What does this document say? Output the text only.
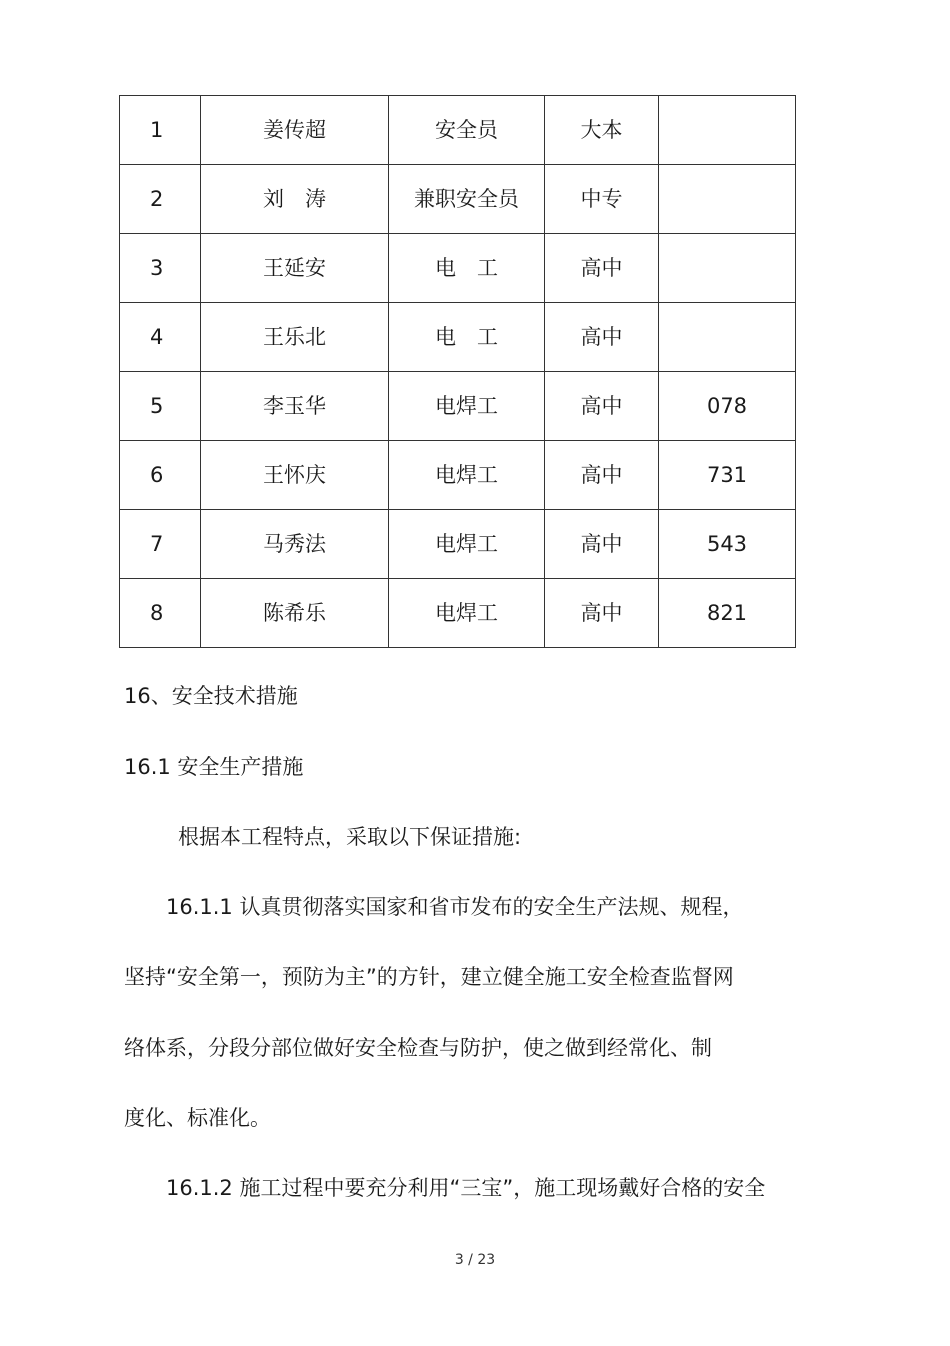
1	姜传超	安全员	大本	
2	刘　涛	兼职安全员	中专	
3	王延安	电　工	高中	
4	王乐北	电　工	高中	
5	李玉华	电焊工	高中	078
6	王怀庆	电焊工	高中	731
7	马秀法	电焊工	高中	543
8	陈希乐	电焊工	高中	821

16、安全技术措施

16.1 安全生产措施

根据本工程特点，采取以下保证措施:

16.1.1 认真贯彻落实国家和省市发布的安全生产法规、规程，

坚持“安全第一，预防为主”的方针，建立健全施工安全检查监督网

络体系，分段分部位做好安全检查与防护，使之做到经常化、制

度化、标准化。

16.1.2 施工过程中要充分利用“三宝”，施工现场戴好合格的安全

3 / 23
